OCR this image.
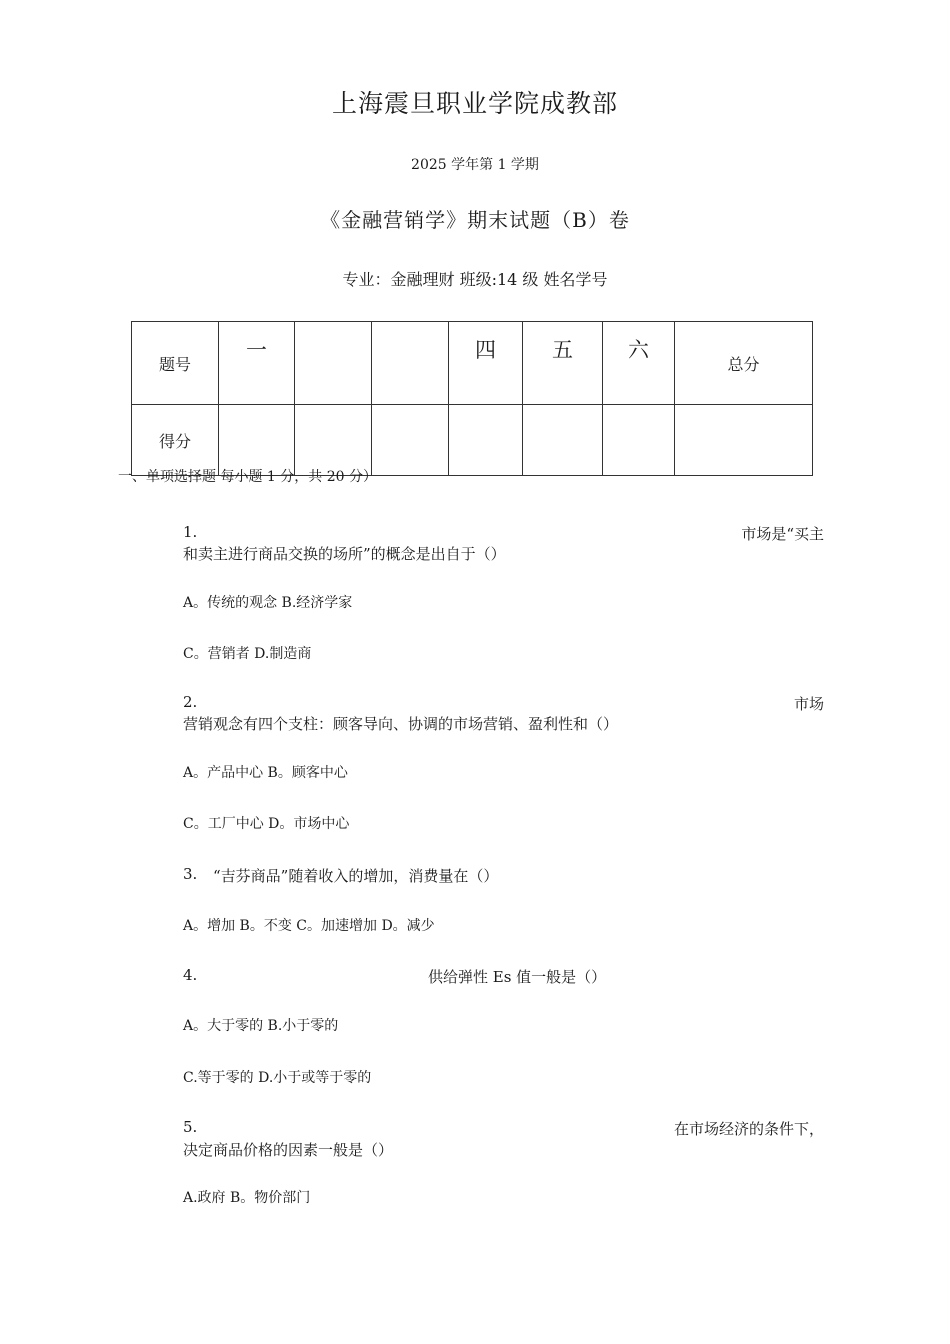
上海震旦职业学院成教部
2025 学年第 1 学期
《金融营销学》期末试题（B）卷
专业：金融理财 班级:14 级 姓名学号
题号	一			四	五	六	总分
得分							
一、单项选择题 每小题 1 分，共 20 分）
1.	市场是“买主
和卖主进行商品交换的场所”的概念是出自于（）
A。传统的观念 B.经济学家
C。营销者 D.制造商
2.	市场
营销观念有四个支柱：顾客导向、协调的市场营销、盈利性和（）
A。产品中心 B。顾客中心
C。工厂中心 D。市场中心
3. “吉芬商品”随着收入的增加，消费量在（）
A。增加 B。不变 C。加速增加 D。减少
4.	供给弹性 Es 值一般是（）
A。大于零的 B.小于零的
C.等于零的 D.小于或等于零的
5.	在市场经济的条件下，
决定商品价格的因素一般是（）
A.政府 B。物价部门
